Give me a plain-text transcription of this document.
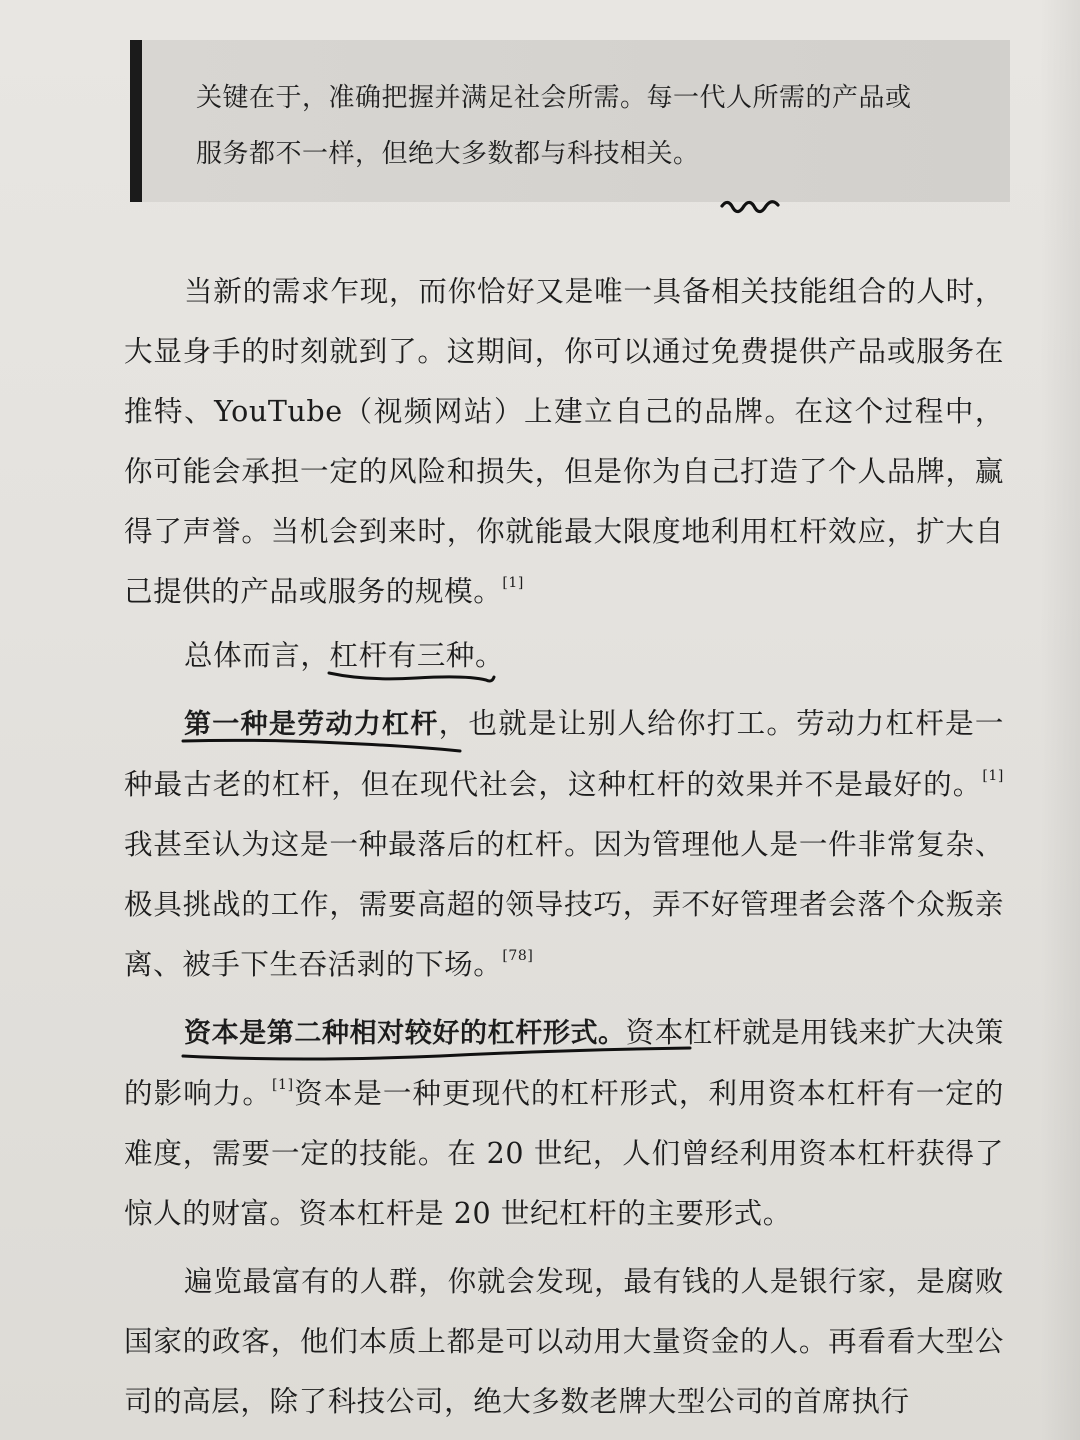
关键在于，准确把握并满足社会所需。每一代人所需的产品或

服务都不一样，但绝大多数都与科技相关。

当新的需求乍现，而你恰好又是唯一具备相关技能组合的人时，大显身手的时刻就到了。这期间，你可以通过免费提供产品或服务在推特、YouTube（视频网站）上建立自己的品牌。在这个过程中，你可能会承担一定的风险和损失，但是你为自己打造了个人品牌，赢得了声誉。当机会到来时，你就能最大限度地利用杠杆效应，扩大自己提供的产品或服务的规模。[1]

总体而言，杠杆有三种
。

第一种是劳动力杠杆
，也就是让别人给你打工。劳动力杠杆是一种最古老的杠杆，但在现代社会，这种杠杆的效果并不是最好的。[1]我甚至认为这是一种最落后的杠杆。因为管理他人是一件非常复杂、极具挑战的工作，需要高超的领导技巧，弄不好管理者会落个众叛亲离、被手下生吞活剥的下场。[78]

资本是第二种相对较好的杠杆形式。
资本杠杆就是用钱来扩大决策的影响力。[1]资本是一种更现代的杠杆形式，利用资本杠杆有一定的难度，需要一定的技能。在 20 世纪，人们曾经利用资本杠杆获得了惊人的财富。资本杠杆是 20 世纪杠杆的主要形式。

遍览最富有的人群，你就会发现，最有钱的人是银行家，是腐败国家的政客，他们本质上都是可以动用大量资金的人。再看看大型公司的高层，除了科技公司，绝大多数老牌大型公司的首席执行
